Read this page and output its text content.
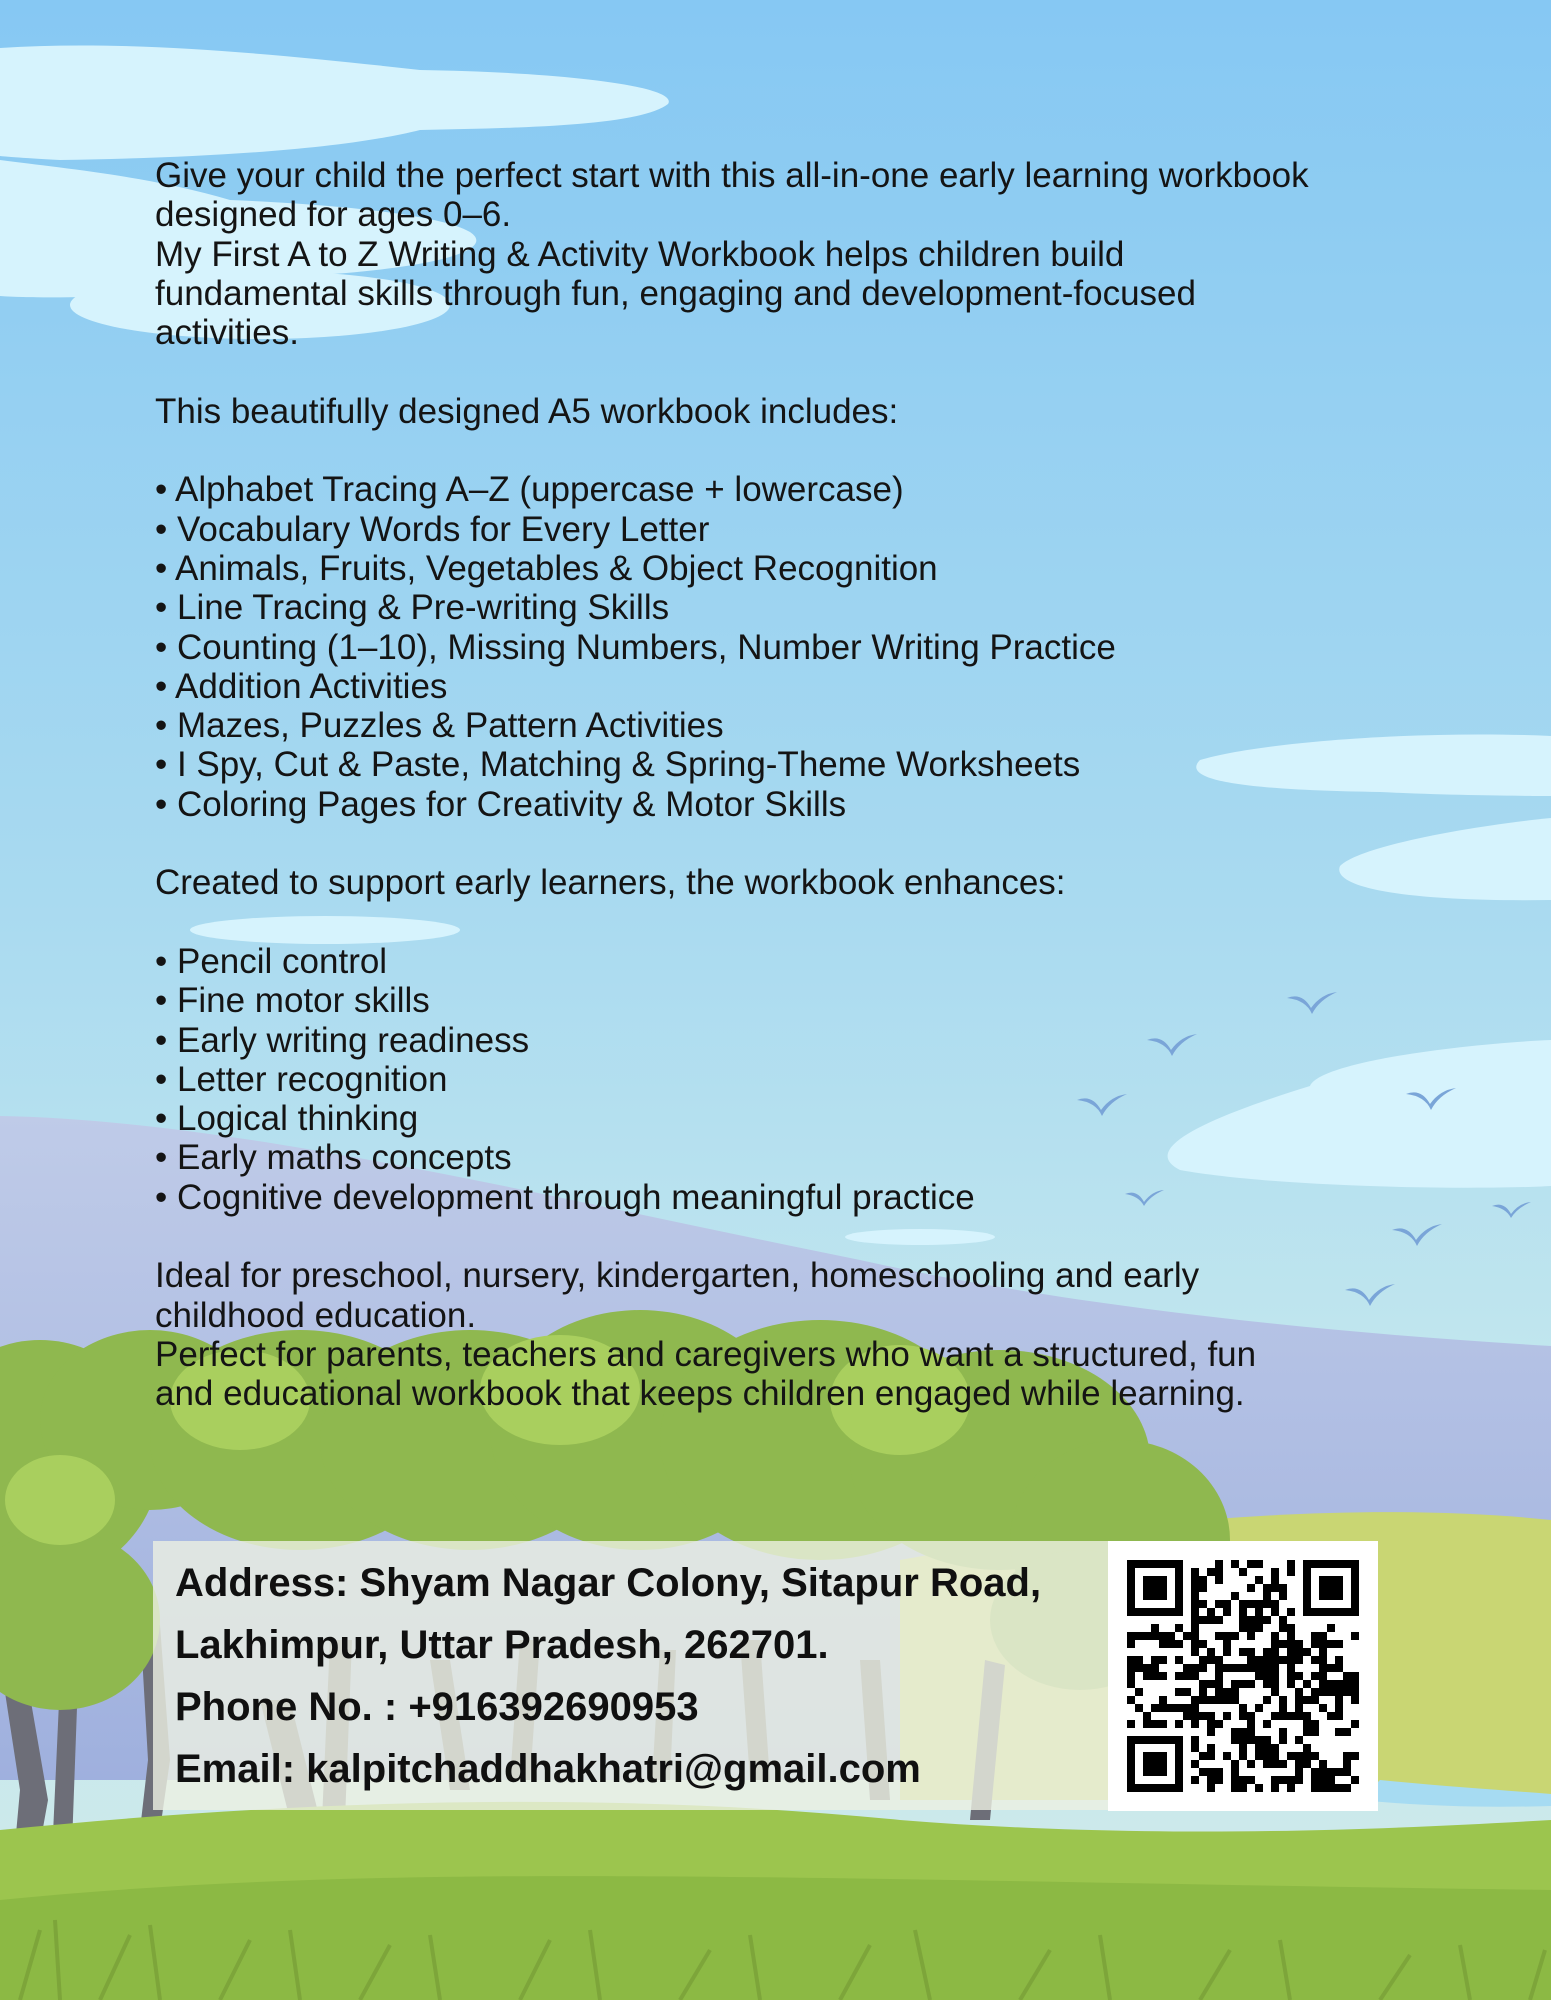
Give your child the perfect start with this all-in-one early learning workbook

designed for ages 0–6.

My First A to Z Writing & Activity Workbook helps children build

fundamental skills through fun, engaging and development-focused

activities.

This beautifully designed A5 workbook includes:

• Alphabet Tracing A–Z (uppercase + lowercase)
• Vocabulary Words for Every Letter
• Animals, Fruits, Vegetables & Object Recognition
• Line Tracing & Pre-writing Skills
• Counting (1–10), Missing Numbers, Number Writing Practice
• Addition Activities
• Mazes, Puzzles & Pattern Activities
• I Spy, Cut & Paste, Matching & Spring-Theme Worksheets
• Coloring Pages for Creativity & Motor Skills

Created to support early learners, the workbook enhances:

• Pencil control
• Fine motor skills
• Early writing readiness
• Letter recognition
• Logical thinking
• Early maths concepts
• Cognitive development through meaningful practice

Ideal for preschool, nursery, kindergarten, homeschooling and early

childhood education.

Perfect for parents, teachers and caregivers who want a structured, fun

and educational workbook that keeps children engaged while learning.

Address: Shyam Nagar Colony, Sitapur Road,

Lakhimpur, Uttar Pradesh, 262701.

Phone No. : +916392690953

Email: kalpitchaddhakhatri@gmail.com
